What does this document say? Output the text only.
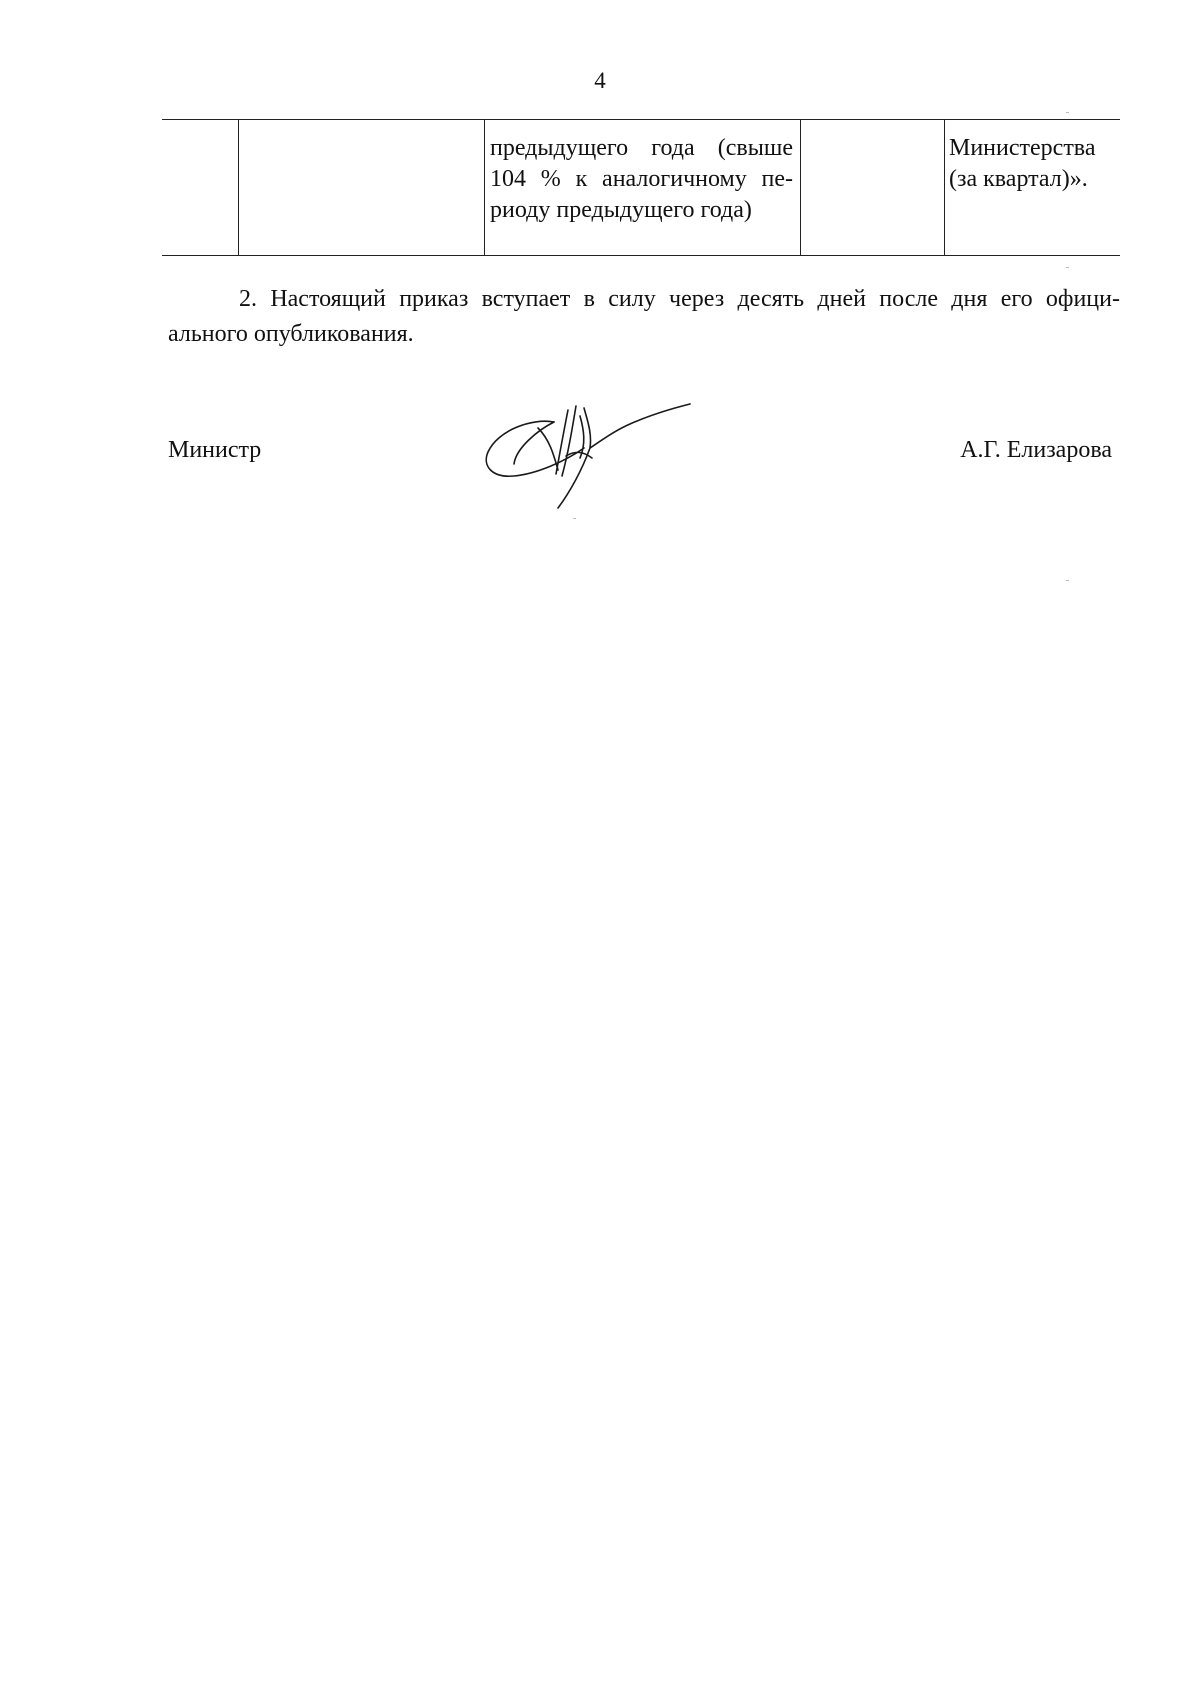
4
предыдущего года (свыше
104 % к аналогичному пе-
риоду предыдущего года)
Министерства
(за квартал)».
2. Настоящий приказ вступает в силу через десять дней после дня его офици-
ального опубликования.
Министр	А.Г. Елизарова
